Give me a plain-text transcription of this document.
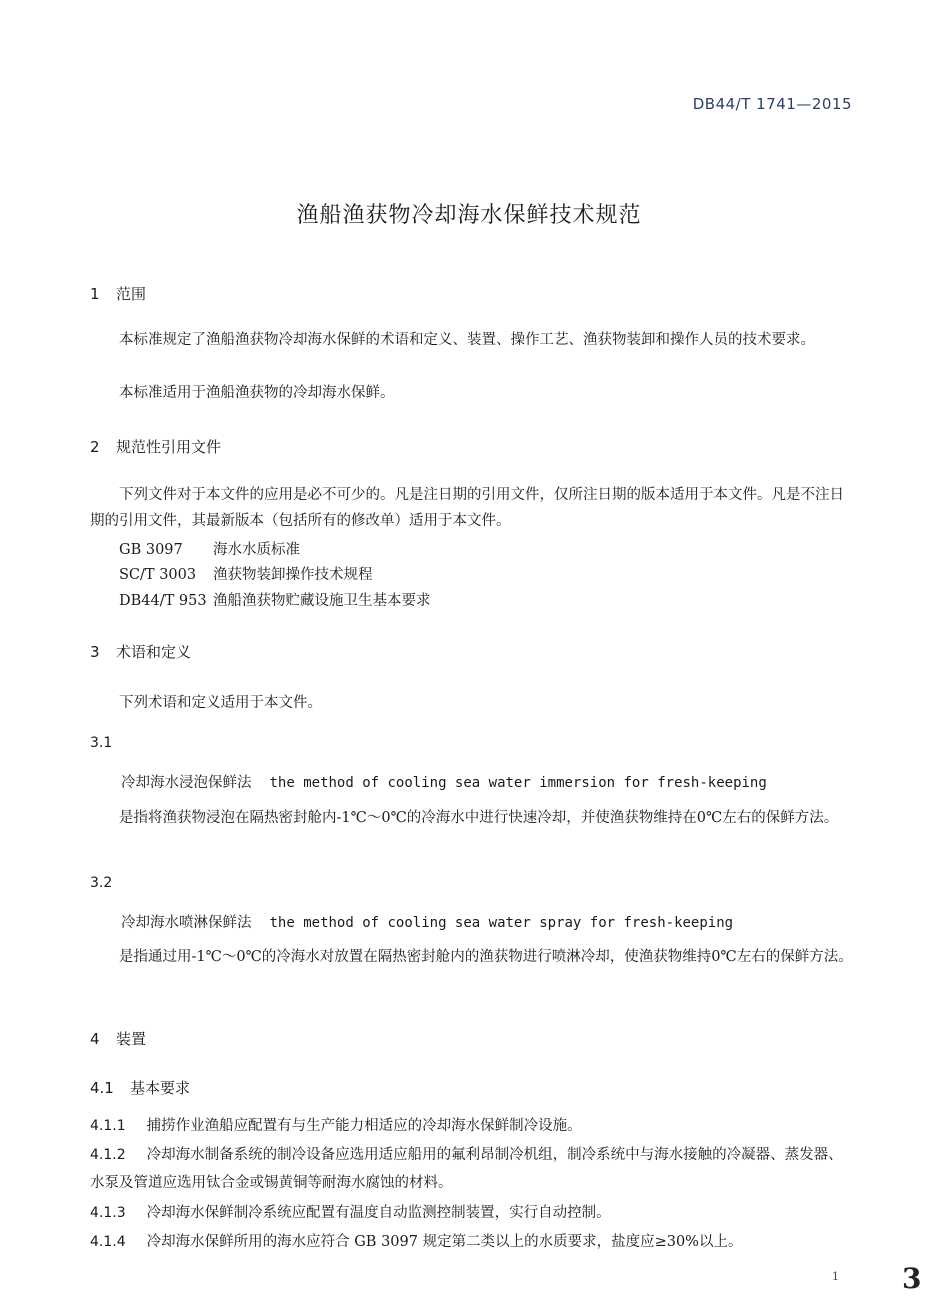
DB44/T 1741—2015
渔船渔获物冷却海水保鲜技术规范
1 范围
本标准规定了渔船渔获物冷却海水保鲜的术语和定义、装置、操作工艺、渔获物装卸和操作人员的技术要求。
本标准适用于渔船渔获物的冷却海水保鲜。
2 规范性引用文件
下列文件对于本文件的应用是必不可少的。凡是注日期的引用文件，仅所注日期的版本适用于本文件。凡是不注日期的引用文件，其最新版本（包括所有的修改单）适用于本文件。
GB 3097 海水水质标准
SC/T 3003 渔获物装卸操作技术规程
DB44/T 953 渔船渔获物贮藏设施卫生基本要求
3 术语和定义
下列术语和定义适用于本文件。
3.1
冷却海水浸泡保鲜法 the method of cooling sea water immersion for fresh-keeping
是指将渔获物浸泡在隔热密封舱内-1℃～0℃的冷海水中进行快速冷却，并使渔获物维持在0℃左右的保鲜方法。
3.2
冷却海水喷淋保鲜法 the method of cooling sea water spray for fresh-keeping
是指通过用-1℃～0℃的冷海水对放置在隔热密封舱内的渔获物进行喷淋冷却，使渔获物维持0℃左右的保鲜方法。
4 装置
4.1 基本要求
4.1.1 捕捞作业渔船应配置有与生产能力相适应的冷却海水保鲜制冷设施。
4.1.2 冷却海水制备系统的制冷设备应选用适应船用的氟利昂制冷机组，制冷系统中与海水接触的冷凝器、蒸发器、水泵及管道应选用钛合金或锡黄铜等耐海水腐蚀的材料。
4.1.3 冷却海水保鲜制冷系统应配置有温度自动监测控制装置，实行自动控制。
4.1.4 冷却海水保鲜所用的海水应符合 GB 3097 规定第二类以上的水质要求，盐度应≥30%以上。
1 3
